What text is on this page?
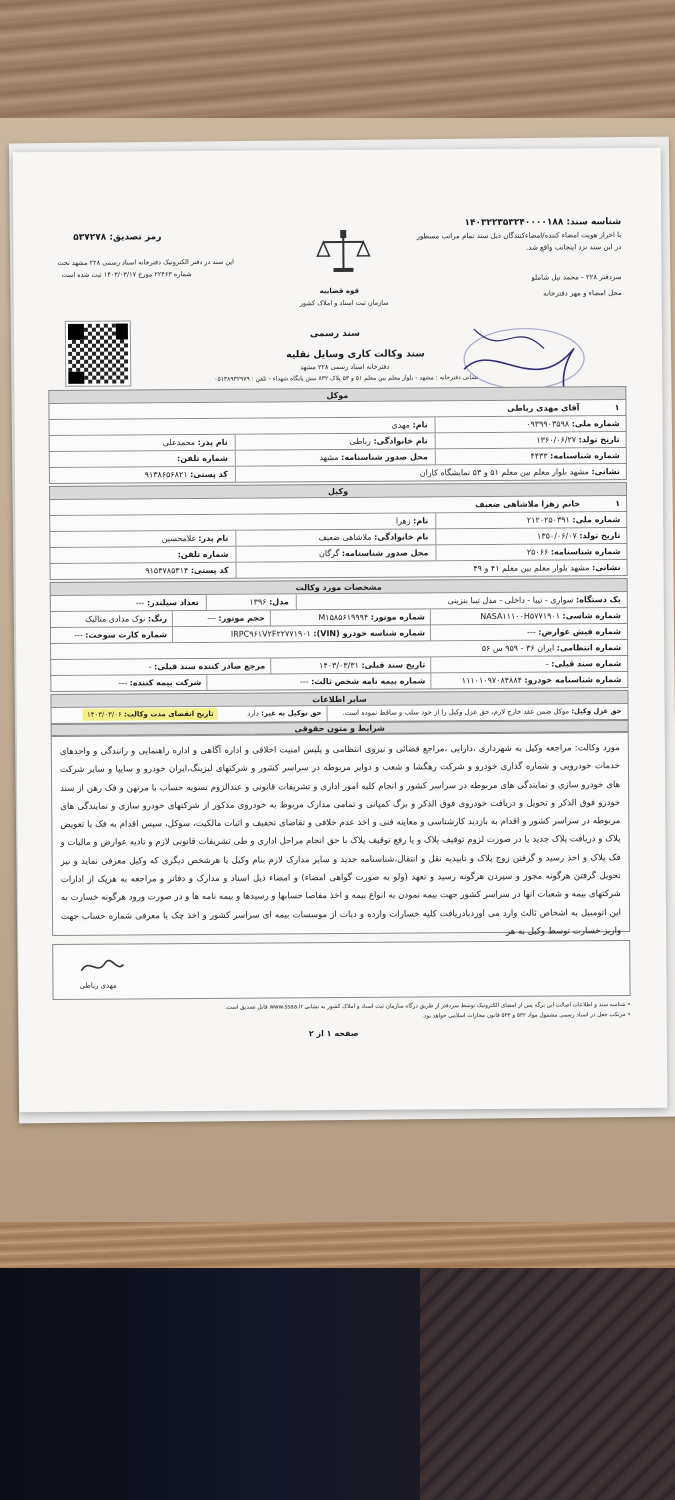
شناسه سند: ۱۴۰۳۲۲۳۵۳۲۴۰۰۰۰۱۸۸
با احراز هویت امضاء کننده/امضاءکنندگان ذیل سند تمام مراتب مسطور
در این سند نزد اینجانب واقع شد.
سردفتر ۲۲۸ - محمد نیل شاملو
محل امضاء و مهر دفترخانه
رمز تصدیق: ۵۳۷۲۷۸
این سند در دفتر الکترونیک دفترخانه اسناد رسمی ۲۲۸ مشهد تحت
شماره ۲۲۴۶۳ مورخ ۱۴۰۳/۰۳/۱۷ ثبت شده است
قوه قضاییه
سازمان ثبت اسناد و املاک کشور
سند رسمی
سند وکالت کاری وسایل نقلیه
دفترخانه اسناد رسمی ۲۲۸ مشهد
نشانی دفترخانه : مشهد - بلوار معلم بین معلم ۵۱ و ۵۳ پلاک ۸۳۲ نبش پایگاه شهداء - تلفن : ۰۵۱۳۸۹۳۲۹۷۹
موکل
۱
آقای مهدی رباطی
شماره ملی: ۰۹۳۹۹۰۳۵۹۸
نام: مهدی
تاریخ تولد: ۱۳۶۰/۰۶/۲۷
نام خانوادگی: رباطی
نام پدر: محمدعلی
شماره شناسنامه: ۴۴۳۳
محل صدور شناسنامه: مشهد
شماره تلفن:
نشانی: مشهد بلوار معلم بین معلم ۵۱ و ۵۳ نمایشگاه کاران
کد پستی: ۹۱۳۸۶۵۶۸۲۱
وکیل
۱
خانم زهرا ملاشاهی ضعیف
شماره ملی: ۲۱۲۰۲۵۰۳۹۱
نام: زهرا
تاریخ تولد: ۱۳۵۰/۰۶/۰۷
نام خانوادگی: ملاشاهی ضعیف
نام پدر: غلامحسین
شماره شناسنامه: ۲۵۰۶۶
محل صدور شناسنامه: گرگان
شماره تلفن:
نشانی: مشهد بلوار معلم بین معلم ۴۱ و ۴۹
کد پستی: ۹۱۵۴۷۸۵۳۱۴
مشخصات مورد وکالت
یک دستگاه: سواری - تیبا - داخلی - مدل تیبا بنزینی
مدل: ۱۳۹۶
تعداد سیلندر: ---
شماره شاسی: NASA۱۱۱۰۰H۵۷۷۱۹۰۱
شماره موتور: M۱۵۸۵۶۱۹۹۹۴
حجم موتور: ---
رنگ: نوک مدادی متالیک
شماره فیش عوارض: ---
شماره شناسه خودرو (VIN): IRPC۹۶۱V۲F۲۲۷۷۱۹۰۱
شماره کارت سوخت: ---
شماره انتظامی: ایران ۳۶ - ۹۵۹ س ۵۶
شماره سند قبلی: -
تاریخ سند قبلی: ۱۴۰۳/۰۳/۳۱
مرجع صادر کننده سند قبلی: -
شماره شناسنامه خودرو: ۱۱۱۰۱۰۹۷۰۸۴۸۸۴
شماره بیمه نامه شخص ثالث: ---
شرکت بیمه کننده: ---
سایر اطلاعات
حق عزل وکیل: موکل ضمن عقد خارج لازم، حق عزل وکیل را از خود سلب و ساقط نموده است.
حق توکیل به غیر: دارد
تاریخ انقضای مدت وکالت: ۱۴۰۳/۰۳/۰۶
شرایط و متون حقوقی
مورد وکالت: مراجعه وکیل به شهرداری ،دارایی ،مراجع قضائی و نیروی انتظامی و پلیس امنیت اخلاقی و اداره آگاهی و اداره راهنمایی و رانندگی و واحدهای خدمات خودرویی و شماره گذاری خودرو و شرکت رهگشا و شعب و دوایر مربوطه در سراسر کشور و شرکتهای لیزینگ،ایران خودرو و سایپا و سایر شرکت های خودرو سازی و نمایندگی های مربوطه در سراسر کشور و انجام کلیه امور اداری و تشریفات قانونی و عندالزوم تسویه حساب با مرتهن و فک رهن از سند خودرو فوق الذکر و تحویل و دریافت خودروی فوق الذکر و برگ کمپانی و تمامی مدارک مربوط به خودروی مذکور از شرکتهای خودرو سازی و نمایندگی های مربوطه در سراسر کشور و اقدام به بازدید کارشناسی و معاینه فنی و اخذ عدم خلافی و تقاضای تخفیف و اثبات مالکیت، سوکل، سپس اقدام به فک یا تعویض پلاک و دریافت پلاک جدید یا در صورت لزوم توقیف پلاک و یا رفع توقیف پلاک با حق انجام مراحل اداری و طی تشریفات قانونی لازم و تادیه عوارض و مالیات و فک پلاک و اخذ رسید و گرفتن زوج پلاک و تاییدیه نقل و انتقال،شناسنامه جدید و سایر مدارک لازم بنام وکیل یا هرشخص دیگری که وکیل معرفی نماید و نیز تحویل گرفتن هرگونه مجوز و سپردن هرگونه رسید و تعهد (ولو به صورت گواهی امضاء) و امضاء ذیل اسناد و مدارک و دفاتر و مراجعه به هریک از ادارات شرکتهای بیمه و شعبات انها در سراسر کشور جهت بیمه نمودن به انواع بیمه و اخذ مفاصا حسابها و رسیدها و بیمه نامه ها و در صورت ورود هرگونه خسارت به این اتومبیل به اشخاص ثالث وارد می اوردیادریافت کلیه خسارات وارده و دیات از موسسات بیمه ای سراسر کشور و اخذ چک یا معرفی شماره حساب جهت واریز خسارت توسط وکیل به هر
مهدی رباطی
• شناسه سند و اطلاعات اصالت این برگه پس از امضای الکترونیک توسط سردفتر از طریق درگاه سازمان ثبت اسناد و املاک کشور به نشانی www.ssaa.ir قابل تصدیق است.
• مرتکب جعل در اسناد رسمی مشمول مواد ۵۳۲ و ۵۳۳ قانون مجازات اسلامی خواهد بود.
صفحه ۱ از ۲
